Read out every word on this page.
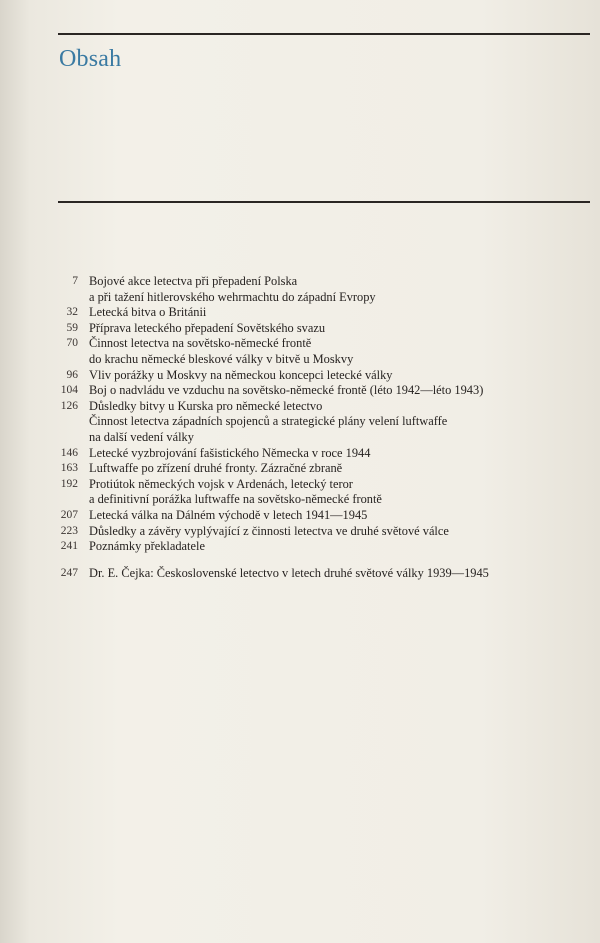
Obsah
7 Bojové akce letectva při přepadení Polska
a při tažení hitlerovského wehrmachtu do západní Evropy
32 Letecká bitva o Británii
59 Příprava leteckého přepadení Sovětského svazu
70 Činnost letectva na sovětsko-německé frontě
do krachu německé bleskové války v bitvě u Moskvy
96 Vliv porážky u Moskvy na německou koncepci letecké války
104 Boj o nadvládu ve vzduchu na sovětsko-německé frontě (léto 1942—léto 1943)
126 Důsledky bitvy u Kurska pro německé letectvo
Činnost letectva západních spojenců a strategické plány velení luftwaffe
na další vedení války
146 Letecké vyzbrojování fašistického Německa v roce 1944
163 Luftwaffe po zřízení druhé fronty. Zázračné zbraně
192 Protiútok německých vojsk v Ardenách, letecký teror
a definitivní porážka luftwaffe na sovětsko-německé frontě
207 Letecká válka na Dálném východě v letech 1941—1945
223 Důsledky a závěry vyplývající z činnosti letectva ve druhé světové válce
241 Poznámky překladatele
247 Dr. E. Čejka: Československé letectvo v letech druhé světové války 1939—1945
